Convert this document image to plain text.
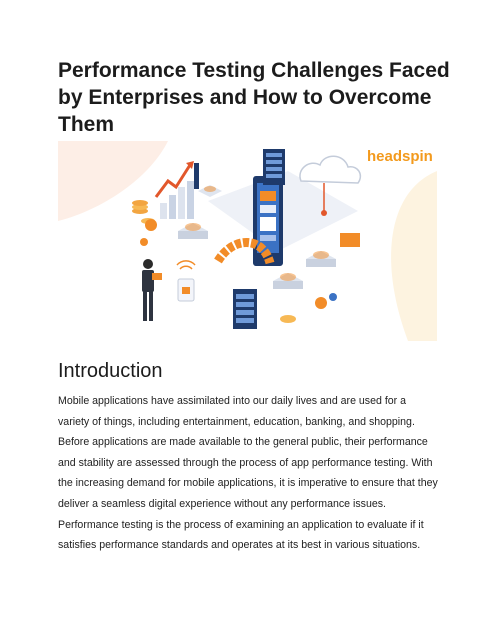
Performance Testing Challenges Faced by Enterprises and How to Overcome Them
headspin
Introduction

Mobile applications have assimilated into our daily lives and are used for a variety of things, including entertainment, education, banking, and shopping. Before applications are made available to the general public, their performance and stability are assessed through the process of app performance testing. With the increasing demand for mobile applications, it is imperative to ensure that they deliver a seamless digital experience without any performance issues. Performance testing is the process of examining an application to evaluate if it satisfies performance standards and operates at its best in various situations.
